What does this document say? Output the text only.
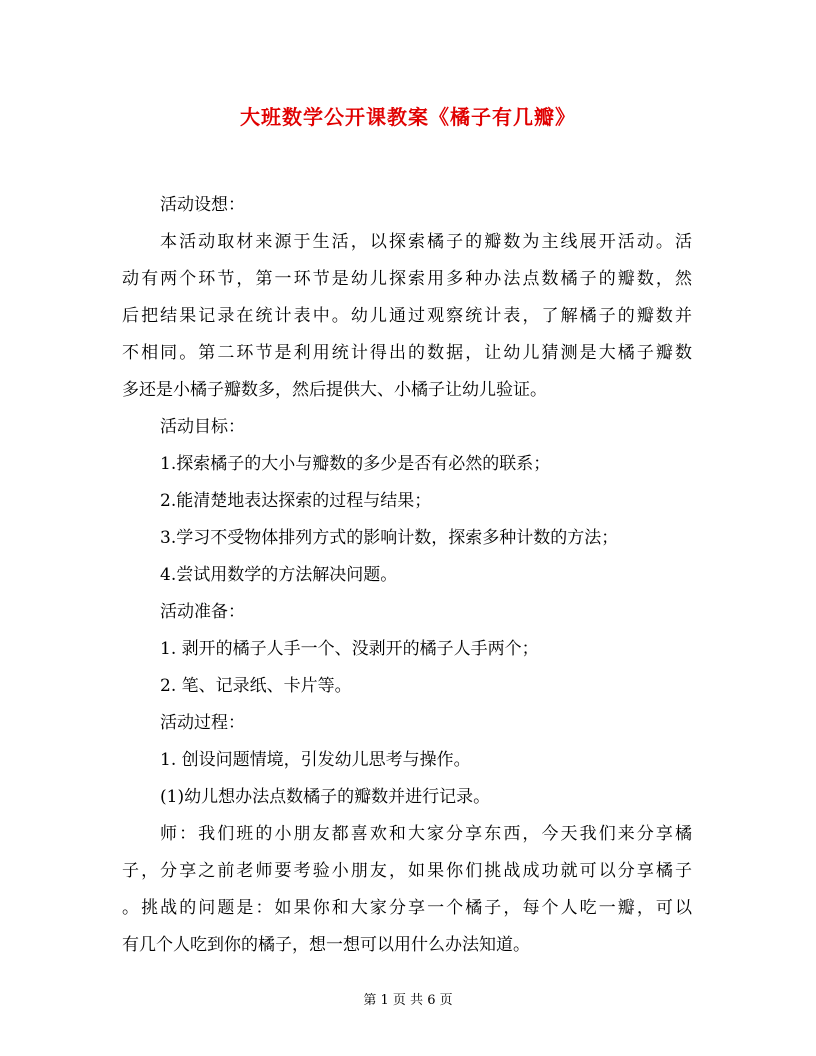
大班数学公开课教案《橘子有几瓣》
活动设想：
本活动取材来源于生活，以探索橘子的瓣数为主线展开活动。活
动有两个环节，第一环节是幼儿探索用多种办法点数橘子的瓣数，然
后把结果记录在统计表中。幼儿通过观察统计表，了解橘子的瓣数并
不相同。第二环节是利用统计得出的数据，让幼儿猜测是大橘子瓣数
多还是小橘子瓣数多，然后提供大、小橘子让幼儿验证。
活动目标：
1.探索橘子的大小与瓣数的多少是否有必然的联系；
2.能清楚地表达探索的过程与结果；
3.学习不受物体排列方式的影响计数，探索多种计数的方法；
4.尝试用数学的方法解决问题。
活动准备：
1. 剥开的橘子人手一个、没剥开的橘子人手两个；
2. 笔、记录纸、卡片等。
活动过程：
1. 创设问题情境，引发幼儿思考与操作。
(1)幼儿想办法点数橘子的瓣数并进行记录。
师：我们班的小朋友都喜欢和大家分享东西，今天我们来分享橘
子，分享之前老师要考验小朋友，如果你们挑战成功就可以分享橘子
。挑战的问题是：如果你和大家分享一个橘子，每个人吃一瓣，可以
有几个人吃到你的橘子，想一想可以用什么办法知道。
第 1 页 共 6 页
